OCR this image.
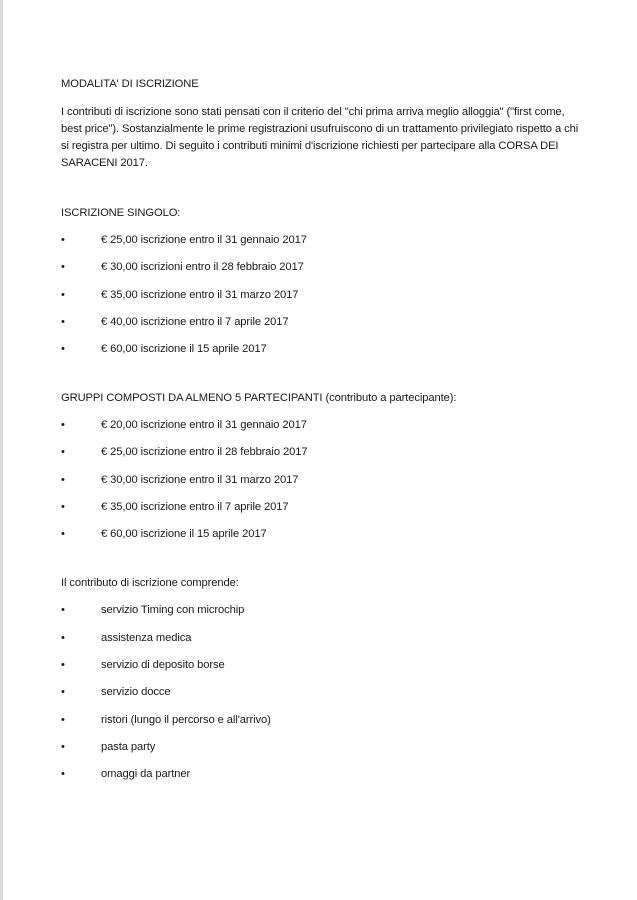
MODALITA' DI ISCRIZIONE

I contributi di iscrizione sono stati pensati con il criterio del "chi prima arriva meglio alloggia" ("first come,
best price"). Sostanzialmente le prime registrazioni usufruiscono di un trattamento privilegiato rispetto a chi
si registra per ultimo. Di seguito i contributi minimi d'iscrizione richiesti per partecipare alla CORSA DEI
SARACENI 2017.

ISCRIZIONE SINGOLO:

•	€ 25,00 iscrizione entro il 31 gennaio 2017
•	€ 30,00 iscrizioni entro il 28 febbraio 2017
•	€ 35,00 iscrizione entro il 31 marzo 2017
•	€ 40,00 iscrizione entro il 7 aprile 2017
•	€ 60,00 iscrizione il 15 aprile 2017

GRUPPI COMPOSTI DA ALMENO 5 PARTECIPANTI (contributo a partecipante):

•	€ 20,00 iscrizione entro il 31 gennaio 2017
•	€ 25,00 iscrizione entro il 28 febbraio 2017
•	€ 30,00 iscrizione entro il 31 marzo 2017
•	€ 35,00 iscrizione entro il 7 aprile 2017
•	€ 60,00 iscrizione il 15 aprile 2017

Il contributo di iscrizione comprende:

•	servizio Timing con microchip
•	assistenza medica
•	servizio di deposito borse
•	servizio docce
•	ristori (lungo il percorso e all'arrivo)
•	pasta party
•	omaggi da partner
